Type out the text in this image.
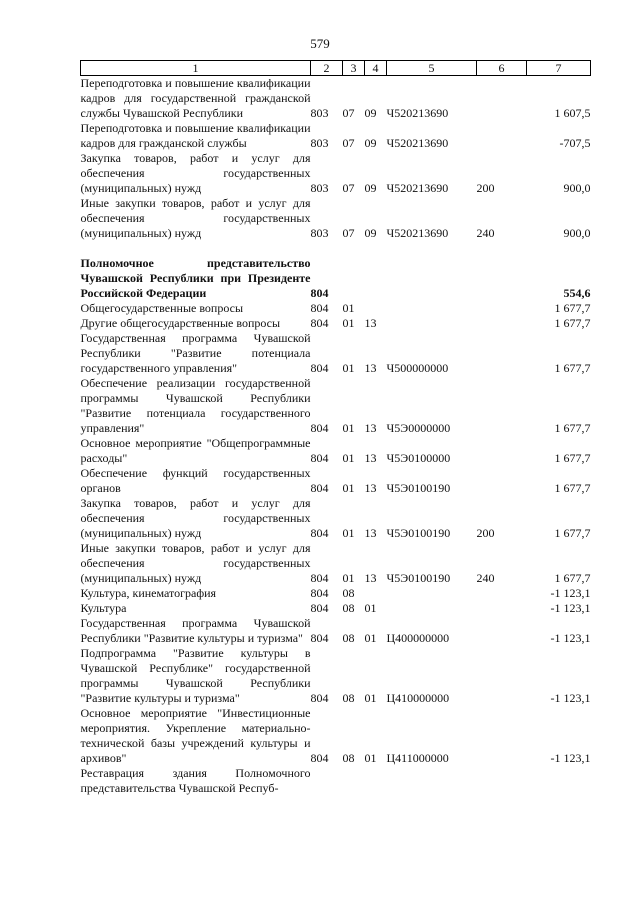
579
1	2	3	4	5	6	7
Переподготовка и повышение квалификации кадров для государственной гражданской службы Чувашской Республики	803	07	09	Ч520213690		1 607,5
Переподготовка и повышение квалификации кадров для гражданской службы	803	07	09	Ч520213690		-707,5
Закупка товаров, работ и услуг для обеспечения государственных (муниципальных) нужд	803	07	09	Ч520213690	200	900,0
Иные закупки товаров, работ и услуг для обеспечения государственных (муниципальных) нужд	803	07	09	Ч520213690	240	900,0

Полномочное представительство Чувашской Республики при Президенте Российской Федерации	804					554,6
Общегосударственные вопросы	804	01				1 677,7
Другие общегосударственные вопросы	804	01	13			1 677,7
Государственная программа Чувашской Республики "Развитие потенциала государственного управления"	804	01	13	Ч500000000		1 677,7
Обеспечение реализации государственной программы Чувашской Республики "Развитие потенциала государственного управления"	804	01	13	Ч5Э0000000		1 677,7
Основное мероприятие "Общепрограммные расходы"	804	01	13	Ч5Э0100000		1 677,7
Обеспечение функций государственных органов	804	01	13	Ч5Э0100190		1 677,7
Закупка товаров, работ и услуг для обеспечения государственных (муниципальных) нужд	804	01	13	Ч5Э0100190	200	1 677,7
Иные закупки товаров, работ и услуг для обеспечения государственных (муниципальных) нужд	804	01	13	Ч5Э0100190	240	1 677,7
Культура, кинематография	804	08				-1 123,1
Культура	804	08	01			-1 123,1
Государственная программа Чувашской Республики "Развитие культуры и туризма"	804	08	01	Ц400000000		-1 123,1
Подпрограмма "Развитие культуры в Чувашской Республике" государственной программы Чувашской Республики "Развитие культуры и туризма"	804	08	01	Ц410000000		-1 123,1
Основное мероприятие "Инвестиционные мероприятия. Укрепление материально-технической базы учреждений культуры и архивов"	804	08	01	Ц411000000		-1 123,1
Реставрация здания Полномочного представительства Чувашской Респуб-						
